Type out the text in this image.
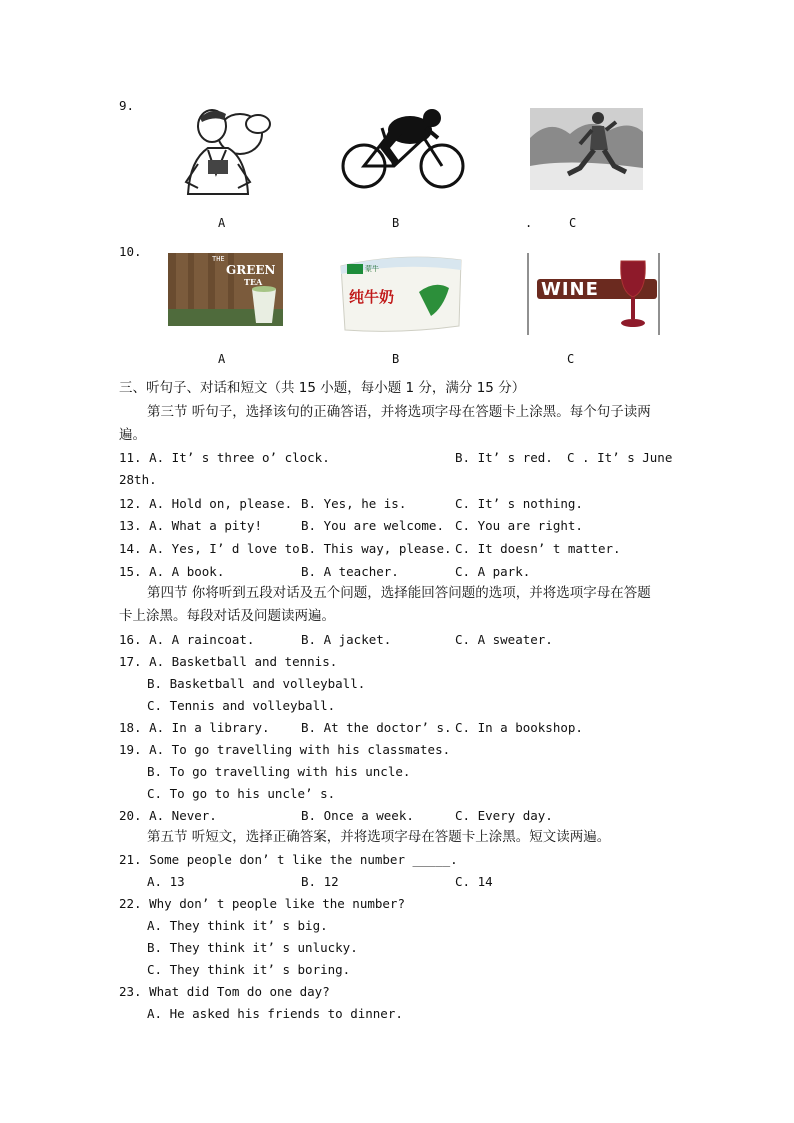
9.
A	B	.	C
10.	THE
GREEN
TEA
蒙牛
纯牛奶	WINE
A	B	C
三、听句子、对话和短文（共 15 小题，每小题 1 分，满分 15 分）
第三节 听句子，选择该句的正确答语，并将选项字母在答题卡上涂黑。每个句子读两
遍。
11. A. It’ s three o’ clock.	B. It’ s red. C . It’ s June
28th.
12. A. Hold on, please. B. Yes, he is.	C. It’ s nothing.
13. A. What a pity!	B. You are welcome. C. You are right.
14. A. Yes, I’ d love to.
B. This way, please. C. It doesn’ t matter.
15. A. A book.	B. A teacher.	C. A park.
第四节 你将听到五段对话及五个问题，选择能回答问题的选项，并将选项字母在答题
卡上涂黑。每段对话及问题读两遍。
16. A. A raincoat.	B. A jacket.	C. A sweater.
17. A. Basketball and tennis.
B. Basketball and volleyball.
C. Tennis and volleyball.
18. A. In a library.	B. At the doctor’ s. C. In a bookshop.
19. A. To go travelling with his classmates.
B. To go travelling with his uncle.
C. To go to his uncle’ s.
20. A. Never.	B. Once a week.	C. Every day.
第五节 听短文，选择正确答案，并将选项字母在答题卡上涂黑。短文读两遍。
21. Some people don’ t like the number _____.
A. 13	B. 12	C. 14
22. Why don’ t people like the number?
A. They think it’ s big.
B. They think it’ s unlucky.
C. They think it’ s boring.
23. What did Tom do one day?
A. He asked his friends to dinner.
